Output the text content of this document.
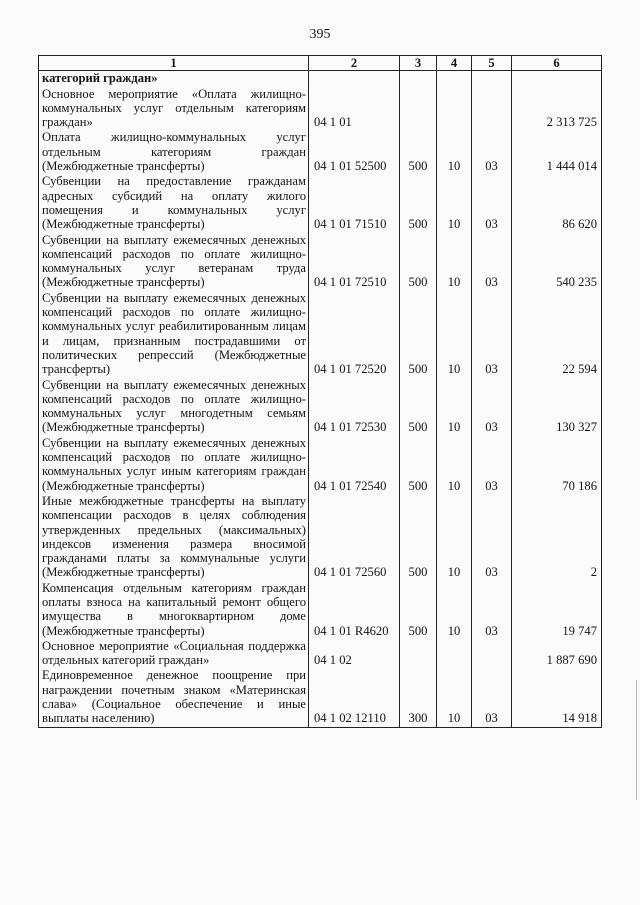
395
1	2	3	4	5	6
категорий граждан»					
Основное мероприятие «Оплата жилищно-коммунальных услуг отдельным категориям граждан»	04 1 01				2 313 725
Оплата жилищно-коммунальных услуг отдельным категориям граждан (Межбюджетные трансферты)	04 1 01 52500	500	10	03	1 444 014
Субвенции на предоставление гражданам адресных субсидий на оплату жилого помещения и коммунальных услуг (Межбюджетные трансферты)	04 1 01 71510	500	10	03	86 620
Субвенции на выплату ежемесячных денежных компенсаций расходов по оплате жилищно-коммунальных услуг ветеранам труда (Межбюджетные трансферты)	04 1 01 72510	500	10	03	540 235
Субвенции на выплату ежемесячных денежных компенсаций расходов по оплате жилищно-коммунальных услуг реабилитированным лицам и лицам, признанным пострадавшими от политических репрессий (Межбюджетные трансферты)	04 1 01 72520	500	10	03	22 594
Субвенции на выплату ежемесячных денежных компенсаций расходов по оплате жилищно-коммунальных услуг многодетным семьям (Межбюджетные трансферты)	04 1 01 72530	500	10	03	130 327
Субвенции на выплату ежемесячных денежных компенсаций расходов по оплате жилищно-коммунальных услуг иным категориям граждан (Межбюджетные трансферты)	04 1 01 72540	500	10	03	70 186
Иные межбюджетные трансферты на выплату компенсации расходов в целях соблюдения утвержденных предельных (максимальных) индексов изменения размера вносимой гражданами платы за коммунальные услуги (Межбюджетные трансферты)	04 1 01 72560	500	10	03	2
Компенсация отдельным категориям граждан оплаты взноса на капитальный ремонт общего имущества в многоквартирном доме (Межбюджетные трансферты)	04 1 01 R4620	500	10	03	19 747
Основное мероприятие «Социальная поддержка отдельных категорий граждан»	04 1 02				1 887 690
Единовременное денежное поощрение при награждении почетным знаком «Материнская слава» (Социальное обеспечение и иные выплаты населению)	04 1 02 12110	300	10	03	14 918
